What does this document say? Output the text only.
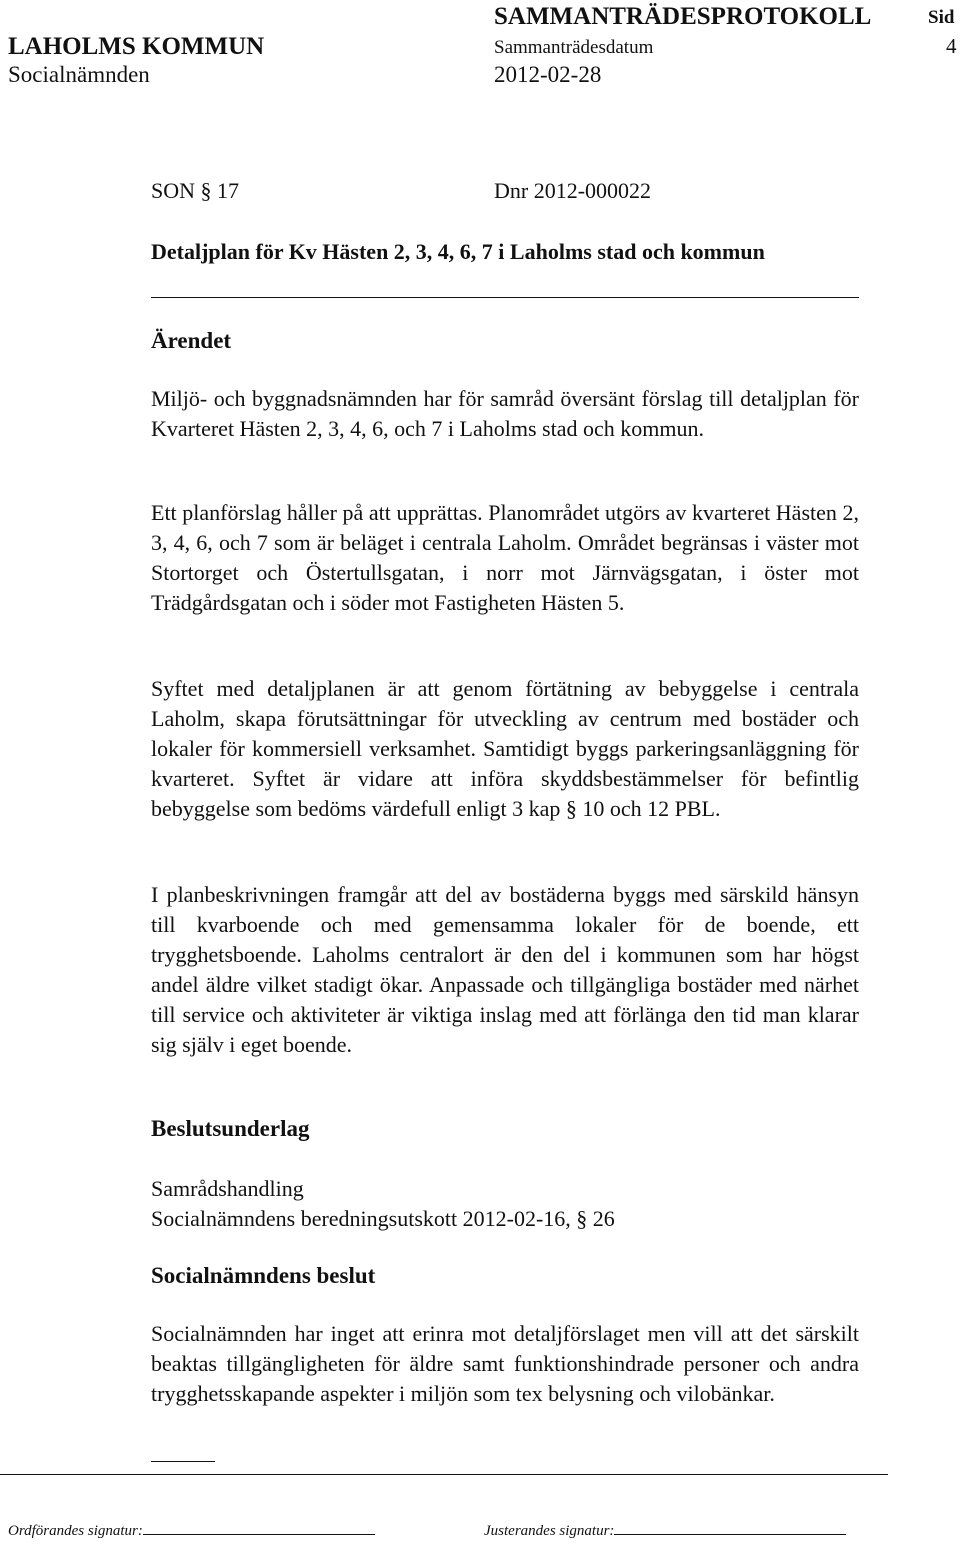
SAMMANTRÄDESPROTOKOLL	Sid
LAHOLMS KOMMUN	Sammanträdesdatum	4
Socialnämnden	2012-02-28
SON § 17	Dnr 2012-000022
Detaljplan för Kv Hästen 2, 3, 4, 6, 7 i Laholms stad och kommun
Ärendet
Miljö- och byggnadsnämnden har för samråd översänt förslag till detaljplan för Kvarteret Hästen 2, 3, 4, 6, och 7 i Laholms stad och kommun.
Ett planförslag håller på att upprättas. Planområdet utgörs av kvarteret Hästen 2, 3, 4, 6, och 7 som är beläget i centrala Laholm. Området begränsas i väster mot Stortorget och Östertullsgatan, i norr mot Järnvägsgatan, i öster mot Trädgårdsgatan och i söder mot Fastigheten Hästen 5.
Syftet med detaljplanen är att genom förtätning av bebyggelse i centrala Laholm, skapa förutsättningar för utveckling av centrum med bostäder och lokaler för kommersiell verksamhet. Samtidigt byggs parkeringsanläggning för kvarteret. Syftet är vidare att införa skyddsbestämmelser för befintlig bebyggelse som bedöms värdefull enligt 3 kap § 10 och 12 PBL.
I planbeskrivningen framgår att del av bostäderna byggs med särskild hänsyn till kvarboende och med gemensamma lokaler för de boende, ett trygghetsboende. Laholms centralort är den del i kommunen som har högst andel äldre vilket stadigt ökar. Anpassade och tillgängliga bostäder med närhet till service och aktiviteter är viktiga inslag med att förlänga den tid man klarar sig själv i eget boende.
Beslutsunderlag
Samrådshandling
Socialnämndens beredningsutskott 2012-02-16, § 26
Socialnämndens beslut
Socialnämnden har inget att erinra mot detaljförslaget men vill att det särskilt beaktas tillgängligheten för äldre samt funktionshindrade personer och andra trygghetsskapande aspekter i miljön som tex belysning och vilobänkar.
Ordförandes signatur:	Justerandes signatur:
